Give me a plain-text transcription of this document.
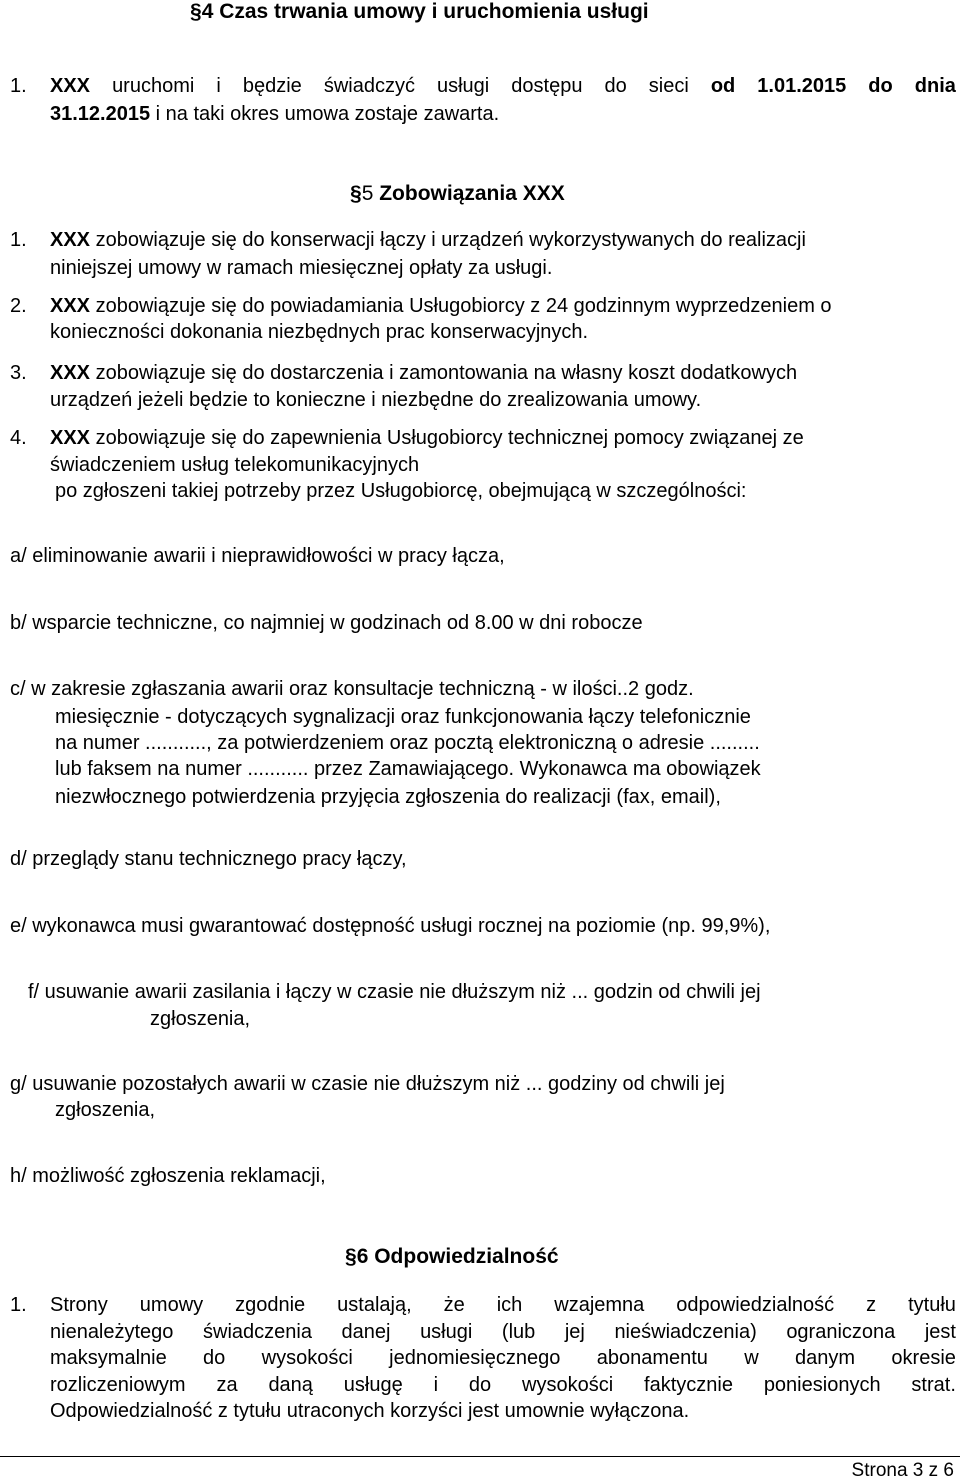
§4 Czas trwania umowy i uruchomienia usługi
1. XXX uruchomi i będzie świadczyć usługi dostępu do sieci od 1.01.2015 do dnia
31.12.2015 i na taki okres umowa zostaje zawarta.
§5 Zobowiązania XXX
1. XXX zobowiązuje się do konserwacji łączy i urządzeń wykorzystywanych do realizacji
niniejszej umowy w ramach miesięcznej opłaty za usługi.
2. XXX zobowiązuje się do powiadamiania Usługobiorcy z 24 godzinnym wyprzedzeniem o
konieczności dokonania niezbędnych prac konserwacyjnych.
3. XXX zobowiązuje się do dostarczenia i zamontowania na własny koszt dodatkowych
urządzeń jeżeli będzie to konieczne i niezbędne do zrealizowania umowy.
4. XXX zobowiązuje się do zapewnienia Usługobiorcy technicznej pomocy związanej ze
świadczeniem usług telekomunikacyjnych
po zgłoszeni takiej potrzeby przez Usługobiorcę, obejmującą w szczególności:
a/ eliminowanie awarii i nieprawidłowości w pracy łącza,
b/ wsparcie techniczne, co najmniej w godzinach od 8.00 w dni robocze
c/ w zakresie zgłaszania awarii oraz konsultacje techniczną - w ilości..2 godz.
miesięcznie - dotyczących sygnalizacji oraz funkcjonowania łączy telefonicznie
na numer ..........., za potwierdzeniem oraz pocztą elektroniczną o adresie .........
lub faksem na numer ........... przez Zamawiającego. Wykonawca ma obowiązek
niezwłocznego potwierdzenia przyjęcia zgłoszenia do realizacji (fax, email),
d/ przeglądy stanu technicznego pracy łączy,
e/ wykonawca musi gwarantować dostępność usługi rocznej na poziomie (np. 99,9%),
f/ usuwanie awarii zasilania i łączy w czasie nie dłuższym niż ... godzin od chwili jej
zgłoszenia,
g/ usuwanie pozostałych awarii w czasie nie dłuższym niż ... godziny od chwili jej
zgłoszenia,
h/ możliwość zgłoszenia reklamacji,
§6 Odpowiedzialność
1. Strony umowy zgodnie ustalają, że ich wzajemna odpowiedzialność z tytułu
nienależytego świadczenia danej usługi (lub jej nieświadczenia) ograniczona jest
maksymalnie do wysokości jednomiesięcznego abonamentu w danym okresie
rozliczeniowym za daną usługę i do wysokości faktycznie poniesionych strat.
Odpowiedzialność z tytułu utraconych korzyści jest umownie wyłączona.
Strona 3 z 6
